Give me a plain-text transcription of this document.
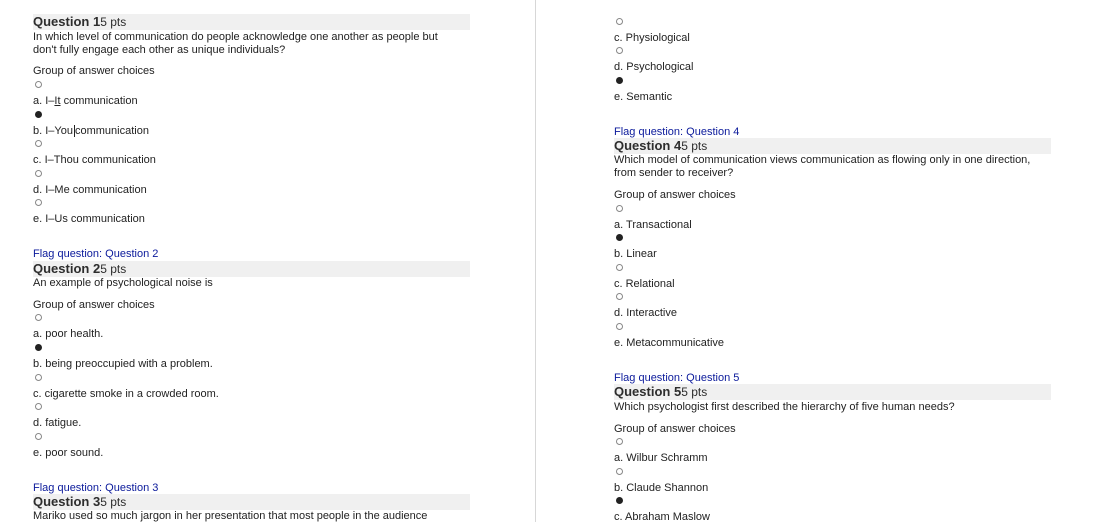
Question 15 pts
In which level of communication do people acknowledge one another as people but don't fully engage each other as unique individuals?
Group of answer choices
a. I–It communication
b. I–You communication
c. I–Thou communication
d. I–Me communication
e. I–Us communication
Flag question: Question 2
Question 25 pts
An example of psychological noise is
Group of answer choices
a. poor health.
b. being preoccupied with a problem.
c. cigarette smoke in a crowded room.
d. fatigue.
e. poor sound.
Flag question: Question 3
Question 35 pts
Mariko used so much jargon in her presentation that most people in the audience
c. Physiological
d. Psychological
e. Semantic
Flag question: Question 4
Question 45 pts
Which model of communication views communication as flowing only in one direction, from sender to receiver?
Group of answer choices
a. Transactional
b. Linear
c. Relational
d. Interactive
e. Metacommunicative
Flag question: Question 5
Question 55 pts
Which psychologist first described the hierarchy of five human needs?
Group of answer choices
a. Wilbur Schramm
b. Claude Shannon
c. Abraham Maslow
